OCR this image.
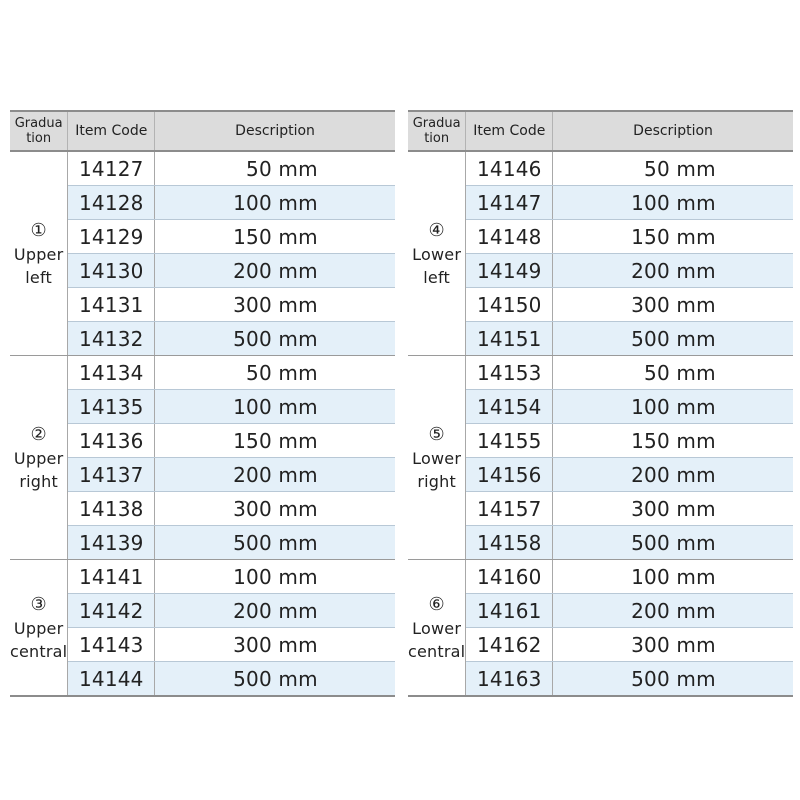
Gradua
tion	Item Code	Description

①
Upper
left	14127	50 mm
	14128	100 mm
	14129	150 mm
	14130	200 mm
	14131	300 mm
	14132	500 mm

②
Upper
right	14134	50 mm
	14135	100 mm
	14136	150 mm
	14137	200 mm
	14138	300 mm
	14139	500 mm

③
Upper
central	14141	100 mm
	14142	200 mm
	14143	300 mm
	14144	500 mm
Gradua
tion	Item Code	Description

④
Lower
left	14146	50 mm
	14147	100 mm
	14148	150 mm
	14149	200 mm
	14150	300 mm
	14151	500 mm

⑤
Lower
right	14153	50 mm
	14154	100 mm
	14155	150 mm
	14156	200 mm
	14157	300 mm
	14158	500 mm

⑥
Lower
central	14160	100 mm
	14161	200 mm
	14162	300 mm
	14163	500 mm
